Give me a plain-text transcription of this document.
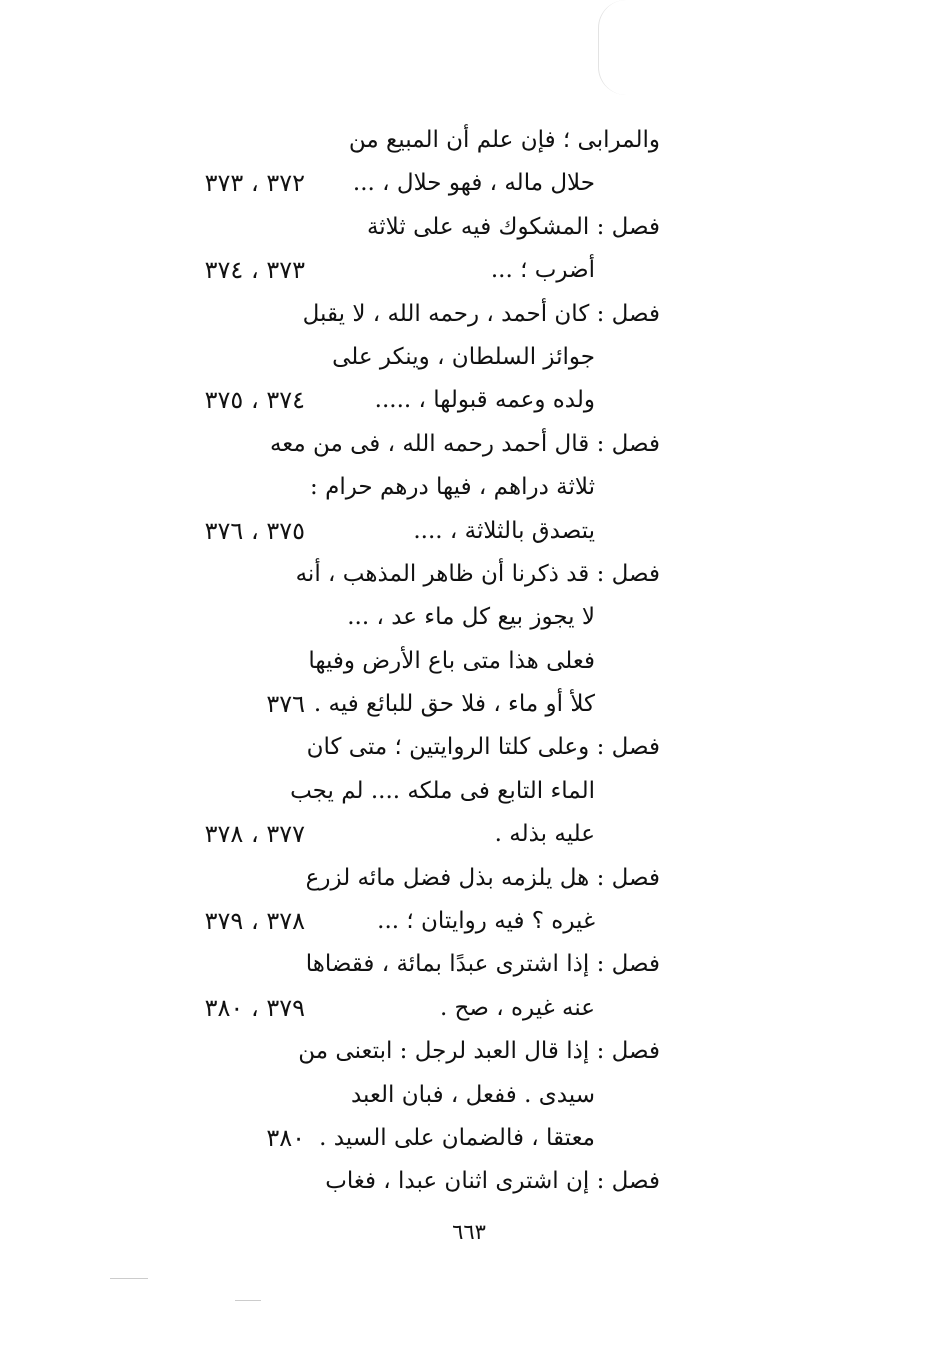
والمرابى ؛ فإن علم أن المبيع من
حلال ماله ، فهو حلال ، ...
٣٧٢ ، ٣٧٣
فصل : المشكوك فيه على ثلاثة
أضرب ؛ ...
٣٧٣ ، ٣٧٤
فصل : كان أحمد ، رحمه الله ، لا يقبل
جوائز السلطان ، وينكر على
ولده وعمه قبولها ، .....
٣٧٤ ، ٣٧٥
فصل : قال أحمد رحمه الله ، فى من معه
ثلاثة دراهم ، فيها درهم حرام :
يتصدق بالثلاثة ، ....
٣٧٥ ، ٣٧٦
فصل : قد ذكرنا أن ظاهر المذهب ، أنه
لا يجوز بيع كل ماء عد ، ...
فعلى هذا متى باع الأرض وفيها
كلأ أو ماء ، فلا حق للبائع فيه .
٣٧٦
فصل : وعلى كلتا الروايتين ؛ متى كان
الماء التابع فى ملكه .... لم يجب
عليه بذله .
٣٧٧ ، ٣٧٨
فصل : هل يلزمه بذل فضل مائه لزرع
غيره ؟ فيه روايتان ؛ ...
٣٧٨ ، ٣٧٩
فصل : إذا اشترى عبدًا بمائة ، فقضاها
عنه غيره ، صح .
٣٧٩ ، ٣٨٠
فصل : إذا قال العبد لرجل : ابتعنى من
سيدى . ففعل ، فبان العبد
معتقا ، فالضمان على السيد .
٣٨٠
فصل : إن اشترى اثنان عبدا ، فغاب
٦٦٣
